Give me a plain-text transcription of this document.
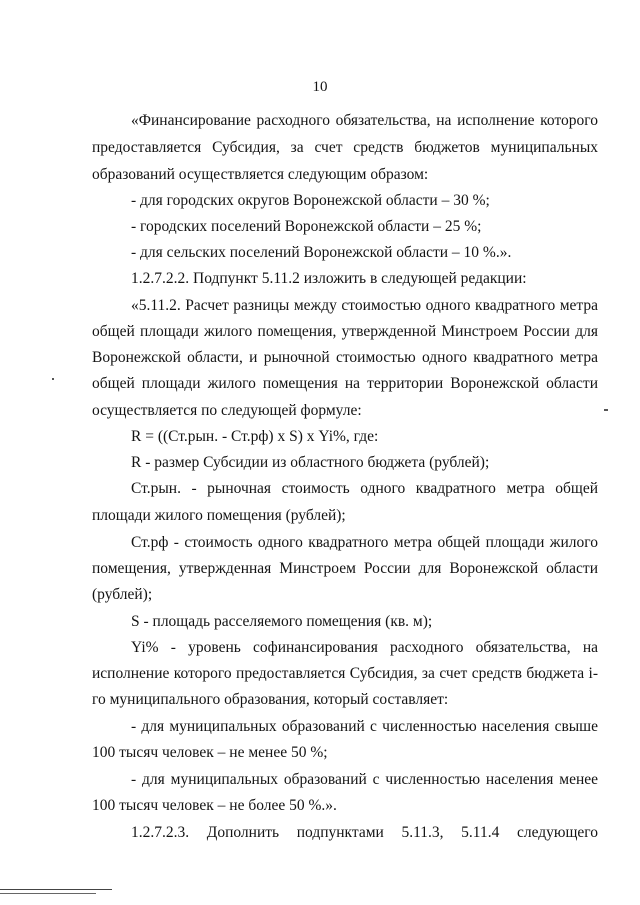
10
«Финансирование расходного обязательства, на исполнение которого
предоставляется Субсидия, за счет средств бюджетов муниципальных
образований осуществляется следующим образом:
- для городских округов Воронежской области – 30 %;
- городских поселений Воронежской области – 25 %;
- для сельских поселений Воронежской области – 10 %.».
1.2.7.2.2. Подпункт 5.11.2 изложить в следующей редакции:
«5.11.2. Расчет разницы между стоимостью одного квадратного метра
общей площади жилого помещения, утвержденной Минстроем России для
Воронежской области, и рыночной стоимостью одного квадратного метра
общей площади жилого помещения на территории Воронежской области
осуществляется по следующей формуле:
R = ((Ст.рын. - Ст.рф) х S) х Yi%, где:
R - размер Субсидии из областного бюджета (рублей);
Ст.рын. - рыночная стоимость одного квадратного метра общей
площади жилого помещения (рублей);
Ст.рф - стоимость одного квадратного метра общей площади жилого
помещения, утвержденная Минстроем России для Воронежской области
(рублей);
S - площадь расселяемого помещения (кв. м);
Yi% - уровень софинансирования расходного обязательства, на
исполнение которого предоставляется Субсидия, за счет средств бюджета i-
го муниципального образования, который составляет:
- для муниципальных образований с численностью населения свыше
100 тысяч человек – не менее 50 %;
- для муниципальных образований с численностью населения менее
100 тысяч человек – не более 50 %.».
1.2.7.2.3. Дополнить подпунктами 5.11.3, 5.11.4 следующего
